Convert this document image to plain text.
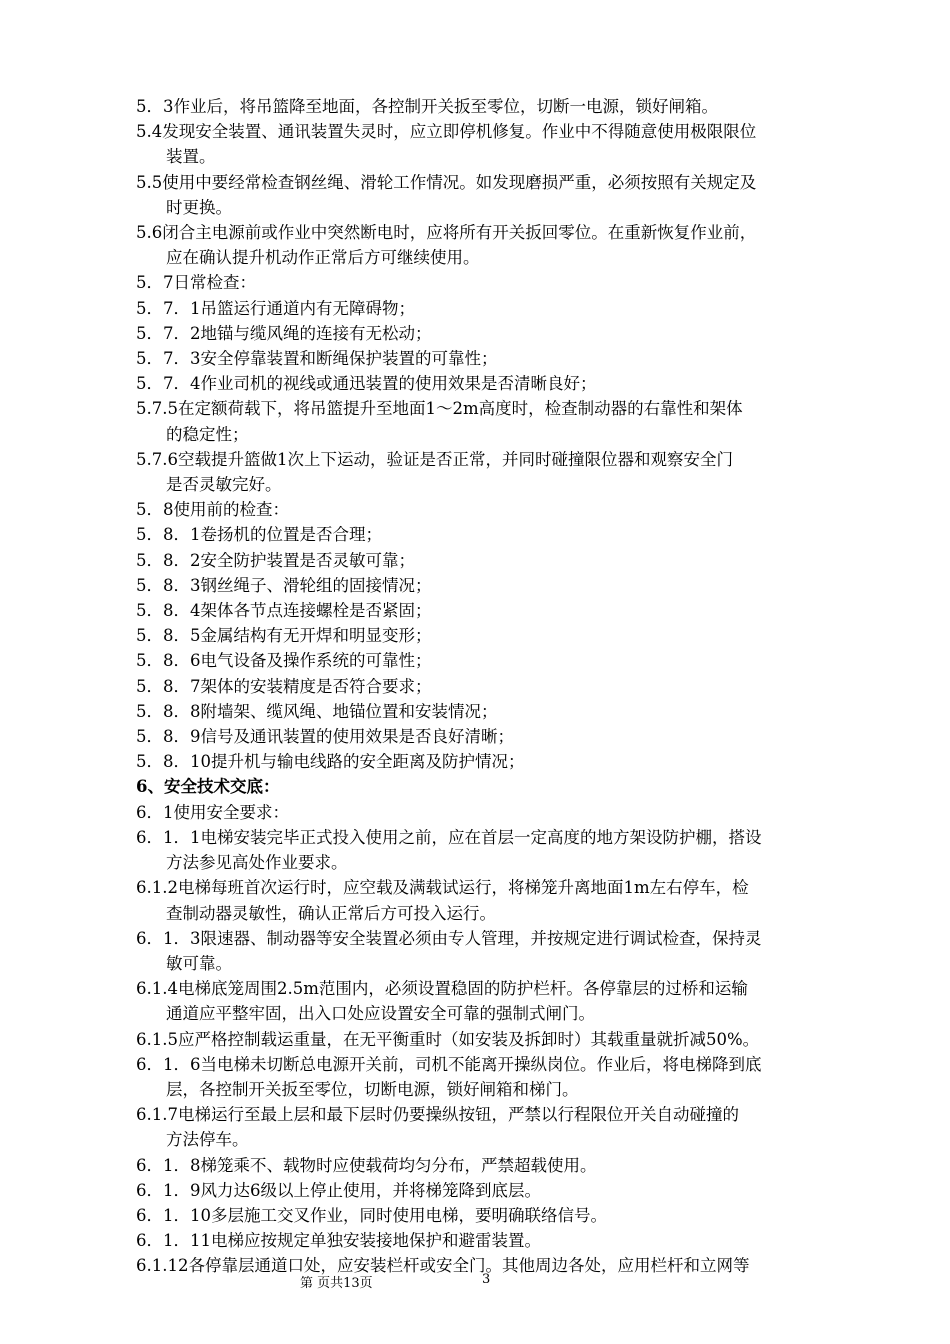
5．3作业后，将吊篮降至地面，各控制开关扳至零位，切断一电源，锁好闸箱。
5.4发现安全装置、通讯装置失灵时，应立即停机修复。作业中不得随意使用极限限位
装置。
5.5使用中要经常检查钢丝绳、滑轮工作情况。如发现磨损严重，必须按照有关规定及
时更换。
5.6闭合主电源前或作业中突然断电时，应将所有开关扳回零位。在重新恢复作业前，
应在确认提升机动作正常后方可继续使用。
5．7日常检查：
5．7．1吊篮运行通道内有无障碍物；
5．7．2地锚与缆风绳的连接有无松动；
5．7．3安全停靠装置和断绳保护装置的可靠性；
5．7．4作业司机的视线或通迅装置的使用效果是否清晰良好；
5.7.5在定额荷载下，将吊篮提升至地面1～2m高度时，检查制动器的右靠性和架体
的稳定性；
5.7.6空载提升篮做1次上下运动，验证是否正常，并同时碰撞限位器和观察安全门
是否灵敏完好。
5．8使用前的检查：
5．8．1卷扬机的位置是否合理；
5．8．2安全防护装置是否灵敏可靠；
5．8．3钢丝绳子、滑轮组的固接情况；
5．8．4架体各节点连接螺栓是否紧固；
5．8．5金属结构有无开焊和明显变形；
5．8．6电气设备及操作系统的可靠性；
5．8．7架体的安装精度是否符合要求；
5．8．8附墙架、缆风绳、地锚位置和安装情况；
5．8．9信号及通讯装置的使用效果是否良好清晰；
5．8．10提升机与输电线路的安全距离及防护情况；
6、安全技术交底：
6．1使用安全要求：
6．1．1电梯安装完毕正式投入使用之前，应在首层一定高度的地方架设防护棚，搭设
方法参见高处作业要求。
6.1.2电梯每班首次运行时，应空载及满载试运行，将梯笼升离地面1m左右停车，检
查制动器灵敏性，确认正常后方可投入运行。
6．1．3限速器、制动器等安全装置必须由专人管理，并按规定进行调试检查，保持灵
敏可靠。
6.1.4电梯底笼周围2.5m范围内，必须设置稳固的防护栏杆。各停靠层的过桥和运输
通道应平整牢固，出入口处应设置安全可靠的强制式闸门。
6.1.5应严格控制载运重量，在无平衡重时（如安装及拆卸时）其载重量就折减50%。
6．1．6当电梯未切断总电源开关前，司机不能离开操纵岗位。作业后，将电梯降到底
层，各控制开关扳至零位，切断电源，锁好闸箱和梯门。
6.1.7电梯运行至最上层和最下层时仍要操纵按钮，严禁以行程限位开关自动碰撞的
方法停车。
6．1．8梯笼乘不、载物时应使载荷均匀分布，严禁超载使用。
6．1．9风力达6级以上停止使用，并将梯笼降到底层。
6．1．10多层施工交叉作业，同时使用电梯，要明确联络信号。
6．1．11电梯应按规定单独安装接地保护和避雷装置。
6.1.12各停靠层通道口处，应安装栏杆或安全门。其他周边各处，应用栏杆和立网等
第 页共13页	3
